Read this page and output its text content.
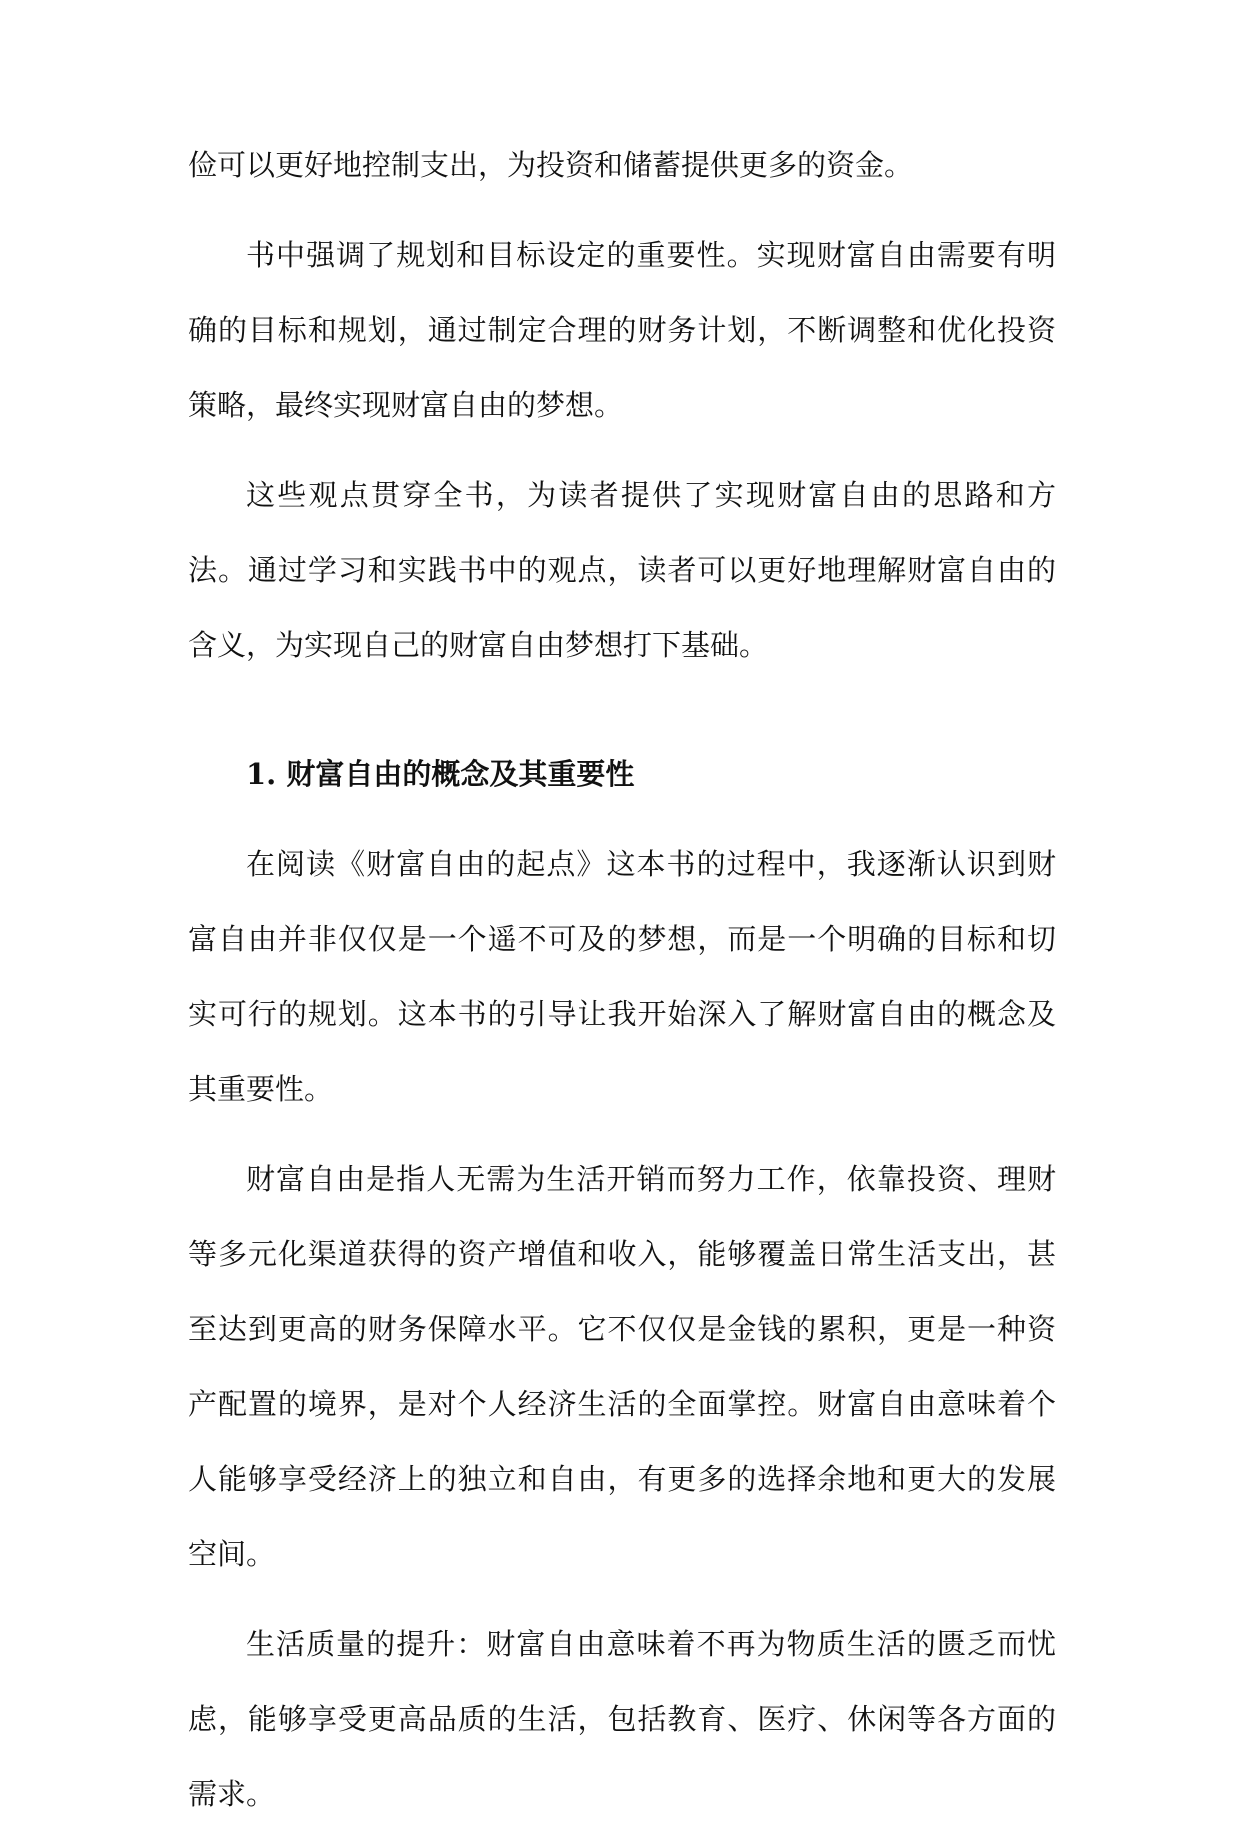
俭可以更好地控制支出，为投资和储蓄提供更多的资金。

书中强调了规划和目标设定的重要性。实现财富自由需要有明确的目标和规划，通过制定合理的财务计划，不断调整和优化投资策略，最终实现财富自由的梦想。

这些观点贯穿全书，为读者提供了实现财富自由的思路和方法。通过学习和实践书中的观点，读者可以更好地理解财富自由的含义，为实现自己的财富自由梦想打下基础。

1. 财富自由的概念及其重要性

在阅读《财富自由的起点》这本书的过程中，我逐渐认识到财富自由并非仅仅是一个遥不可及的梦想，而是一个明确的目标和切实可行的规划。这本书的引导让我开始深入了解财富自由的概念及其重要性。

财富自由是指人无需为生活开销而努力工作，依靠投资、理财等多元化渠道获得的资产增值和收入，能够覆盖日常生活支出，甚至达到更高的财务保障水平。它不仅仅是金钱的累积，更是一种资产配置的境界，是对个人经济生活的全面掌控。财富自由意味着个人能够享受经济上的独立和自由，有更多的选择余地和更大的发展空间。

生活质量的提升：财富自由意味着不再为物质生活的匮乏而忧虑，能够享受更高品质的生活，包括教育、医疗、休闲等各方面的需求。
